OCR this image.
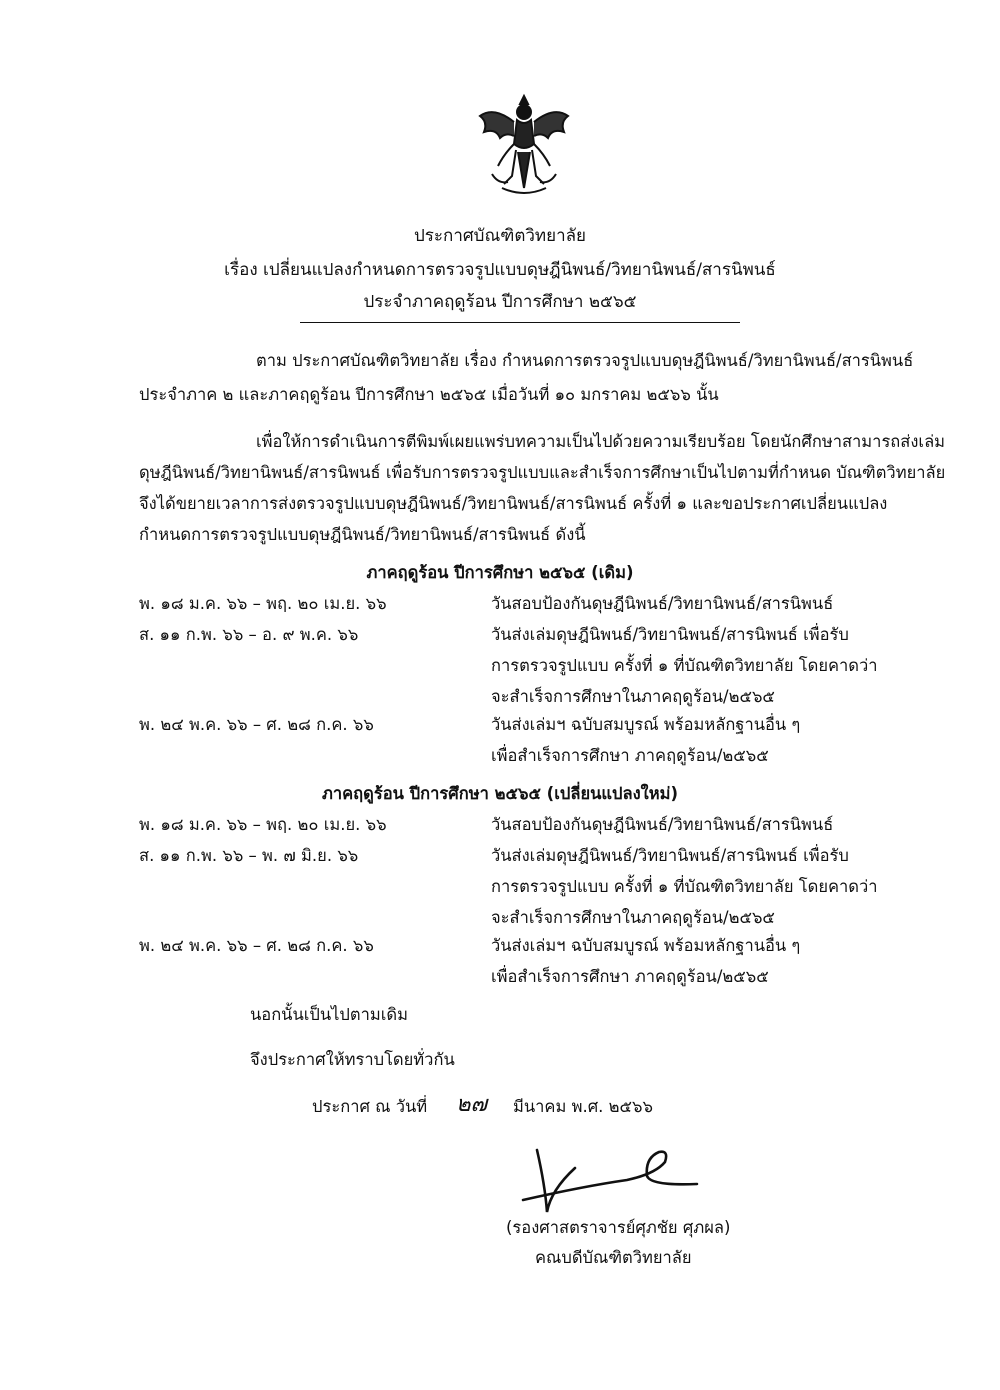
ประกาศบัณฑิตวิทยาลัย
เรื่อง เปลี่ยนแปลงกำหนดการตรวจรูปแบบดุษฎีนิพนธ์/วิทยานิพนธ์/สารนิพนธ์
ประจำภาคฤดูร้อน ปีการศึกษา ๒๕๖๕
ตาม ประกาศบัณฑิตวิทยาลัย เรื่อง กำหนดการตรวจรูปแบบดุษฎีนิพนธ์/วิทยานิพนธ์/สารนิพนธ์
ประจำภาค ๒ และภาคฤดูร้อน ปีการศึกษา ๒๕๖๕ เมื่อวันที่ ๑๐ มกราคม ๒๕๖๖ นั้น
เพื่อให้การดำเนินการตีพิมพ์เผยแพร่บทความเป็นไปด้วยความเรียบร้อย โดยนักศึกษาสามารถส่งเล่ม
ดุษฎีนิพนธ์/วิทยานิพนธ์/สารนิพนธ์ เพื่อรับการตรวจรูปแบบและสำเร็จการศึกษาเป็นไปตามที่กำหนด บัณฑิตวิทยาลัย
จึงได้ขยายเวลาการส่งตรวจรูปแบบดุษฎีนิพนธ์/วิทยานิพนธ์/สารนิพนธ์ ครั้งที่ ๑ และขอประกาศเปลี่ยนแปลง
กำหนดการตรวจรูปแบบดุษฎีนิพนธ์/วิทยานิพนธ์/สารนิพนธ์ ดังนี้
ภาคฤดูร้อน ปีการศึกษา ๒๕๖๕ (เดิม)
พ. ๑๘ ม.ค. ๖๖ – พฤ. ๒๐ เม.ย. ๖๖	วันสอบป้องกันดุษฎีนิพนธ์/วิทยานิพนธ์/สารนิพนธ์
ส. ๑๑ ก.พ. ๖๖ – อ. ๙ พ.ค. ๖๖	วันส่งเล่มดุษฎีนิพนธ์/วิทยานิพนธ์/สารนิพนธ์ เพื่อรับ
การตรวจรูปแบบ ครั้งที่ ๑ ที่บัณฑิตวิทยาลัย โดยคาดว่า
จะสำเร็จการศึกษาในภาคฤดูร้อน/๒๕๖๕
พ. ๒๔ พ.ค. ๖๖ – ศ. ๒๘ ก.ค. ๖๖	วันส่งเล่มฯ ฉบับสมบูรณ์ พร้อมหลักฐานอื่น ๆ
เพื่อสำเร็จการศึกษา ภาคฤดูร้อน/๒๕๖๕
ภาคฤดูร้อน ปีการศึกษา ๒๕๖๕ (เปลี่ยนแปลงใหม่)
พ. ๑๘ ม.ค. ๖๖ – พฤ. ๒๐ เม.ย. ๖๖	วันสอบป้องกันดุษฎีนิพนธ์/วิทยานิพนธ์/สารนิพนธ์
ส. ๑๑ ก.พ. ๖๖ – พ. ๗ มิ.ย. ๖๖	วันส่งเล่มดุษฎีนิพนธ์/วิทยานิพนธ์/สารนิพนธ์ เพื่อรับ
การตรวจรูปแบบ ครั้งที่ ๑ ที่บัณฑิตวิทยาลัย โดยคาดว่า
จะสำเร็จการศึกษาในภาคฤดูร้อน/๒๕๖๕
พ. ๒๔ พ.ค. ๖๖ – ศ. ๒๘ ก.ค. ๖๖	วันส่งเล่มฯ ฉบับสมบูรณ์ พร้อมหลักฐานอื่น ๆ
เพื่อสำเร็จการศึกษา ภาคฤดูร้อน/๒๕๖๕
นอกนั้นเป็นไปตามเดิม
จึงประกาศให้ทราบโดยทั่วกัน
ประกาศ ณ วันที่ ๒๗ มีนาคม พ.ศ. ๒๕๖๖
(รองศาสตราจารย์ศุภชัย ศุภผล)
คณบดีบัณฑิตวิทยาลัย
